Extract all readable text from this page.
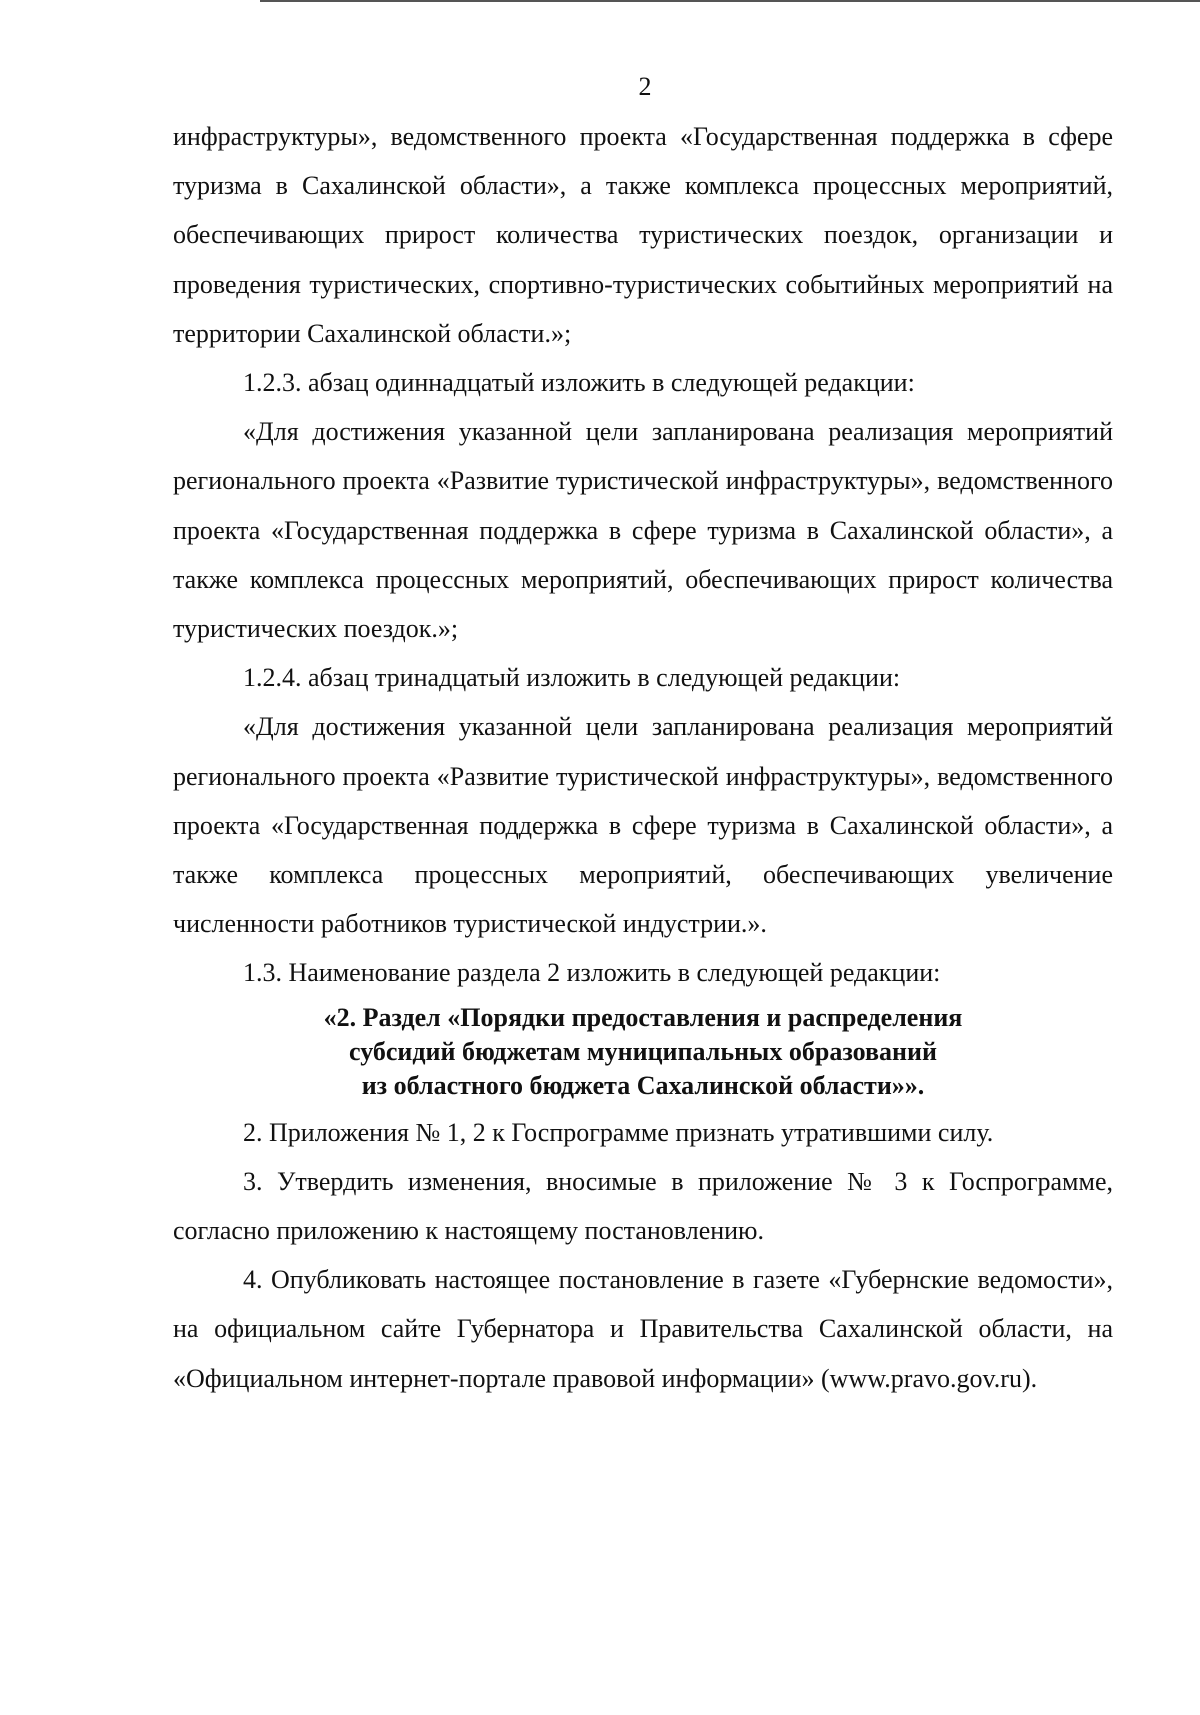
2

инфраструктуры», ведомственного проекта «Государственная поддержка в сфере туризма в Сахалинской области», а также комплекса процессных мероприятий, обеспечивающих прирост количества туристических поездок, организации и проведения туристических, спортивно-туристических событийных мероприятий на территории Сахалинской области.»;

1.2.3. абзац одиннадцатый изложить в следующей редакции:

«Для достижения указанной цели запланирована реализация мероприятий регионального проекта «Развитие туристической инфраструктуры», ведомственного проекта «Государственная поддержка в сфере туризма в Сахалинской области», а также комплекса процессных мероприятий, обеспечивающих прирост количества туристических поездок.»;

1.2.4. абзац тринадцатый изложить в следующей редакции:

«Для достижения указанной цели запланирована реализация мероприятий регионального проекта «Развитие туристической инфраструктуры», ведомственного проекта «Государственная поддержка в сфере туризма в Сахалинской области», а также комплекса процессных мероприятий, обеспечивающих увеличение численности работников туристической индустрии.».

1.3. Наименование раздела 2 изложить в следующей редакции:

«2. Раздел «Порядки предоставления и распределения
субсидий бюджетам муниципальных образований
из областного бюджета Сахалинской области»».

2. Приложения № 1, 2 к Госпрограмме признать утратившими силу.

3. Утвердить изменения, вносимые в приложение № 3 к Госпрограмме, согласно приложению к настоящему постановлению.

4. Опубликовать настоящее постановление в газете «Губернские ведомости», на официальном сайте Губернатора и Правительства Сахалинской области, на «Официальном интернет-портале правовой информации» (www.pravo.gov.ru).
